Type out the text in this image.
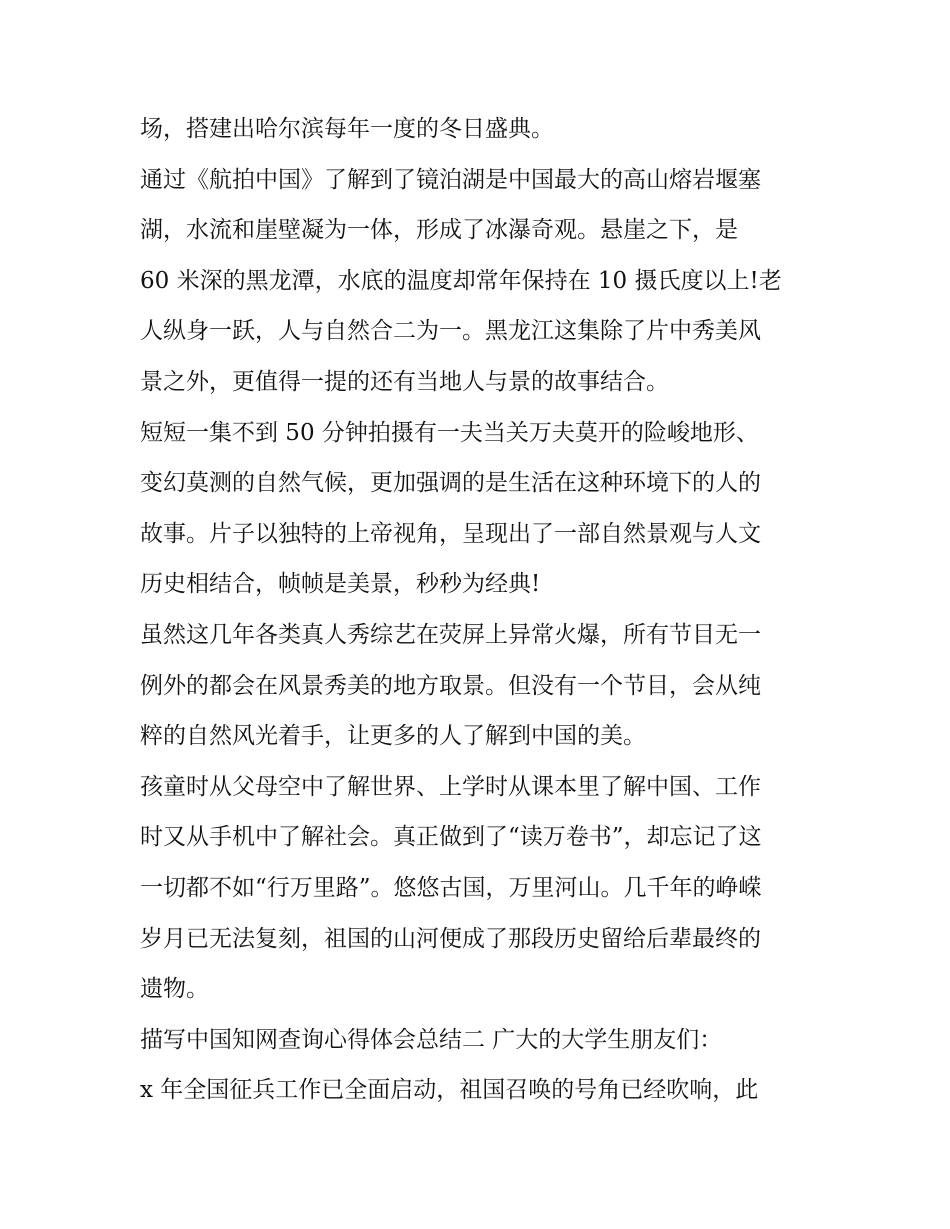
场，搭建出哈尔滨每年一度的冬日盛典。
通过《航拍中国》了解到了镜泊湖是中国最大的高山熔岩堰塞
湖，水流和崖壁凝为一体，形成了冰瀑奇观。悬崖之下，是
60 米深的黑龙潭，水底的温度却常年保持在 10 摄氏度以上!老
人纵身一跃，人与自然合二为一。黑龙江这集除了片中秀美风
景之外，更值得一提的还有当地人与景的故事结合。
短短一集不到 50 分钟拍摄有一夫当关万夫莫开的险峻地形、
变幻莫测的自然气候，更加强调的是生活在这种环境下的人的
故事。片子以独特的上帝视角，呈现出了一部自然景观与人文
历史相结合，帧帧是美景，秒秒为经典!
虽然这几年各类真人秀综艺在荧屏上异常火爆，所有节目无一
例外的都会在风景秀美的地方取景。但没有一个节目，会从纯
粹的自然风光着手，让更多的人了解到中国的美。
孩童时从父母空中了解世界、上学时从课本里了解中国、工作
时又从手机中了解社会。真正做到了“读万卷书”，却忘记了这
一切都不如“行万里路”。悠悠古国，万里河山。几千年的峥嵘
岁月已无法复刻，祖国的山河便成了那段历史留给后辈最终的
遗物。
描写中国知网查询心得体会总结二 广大的大学生朋友们：
x 年全国征兵工作已全面启动，祖国召唤的号角已经吹响，此
